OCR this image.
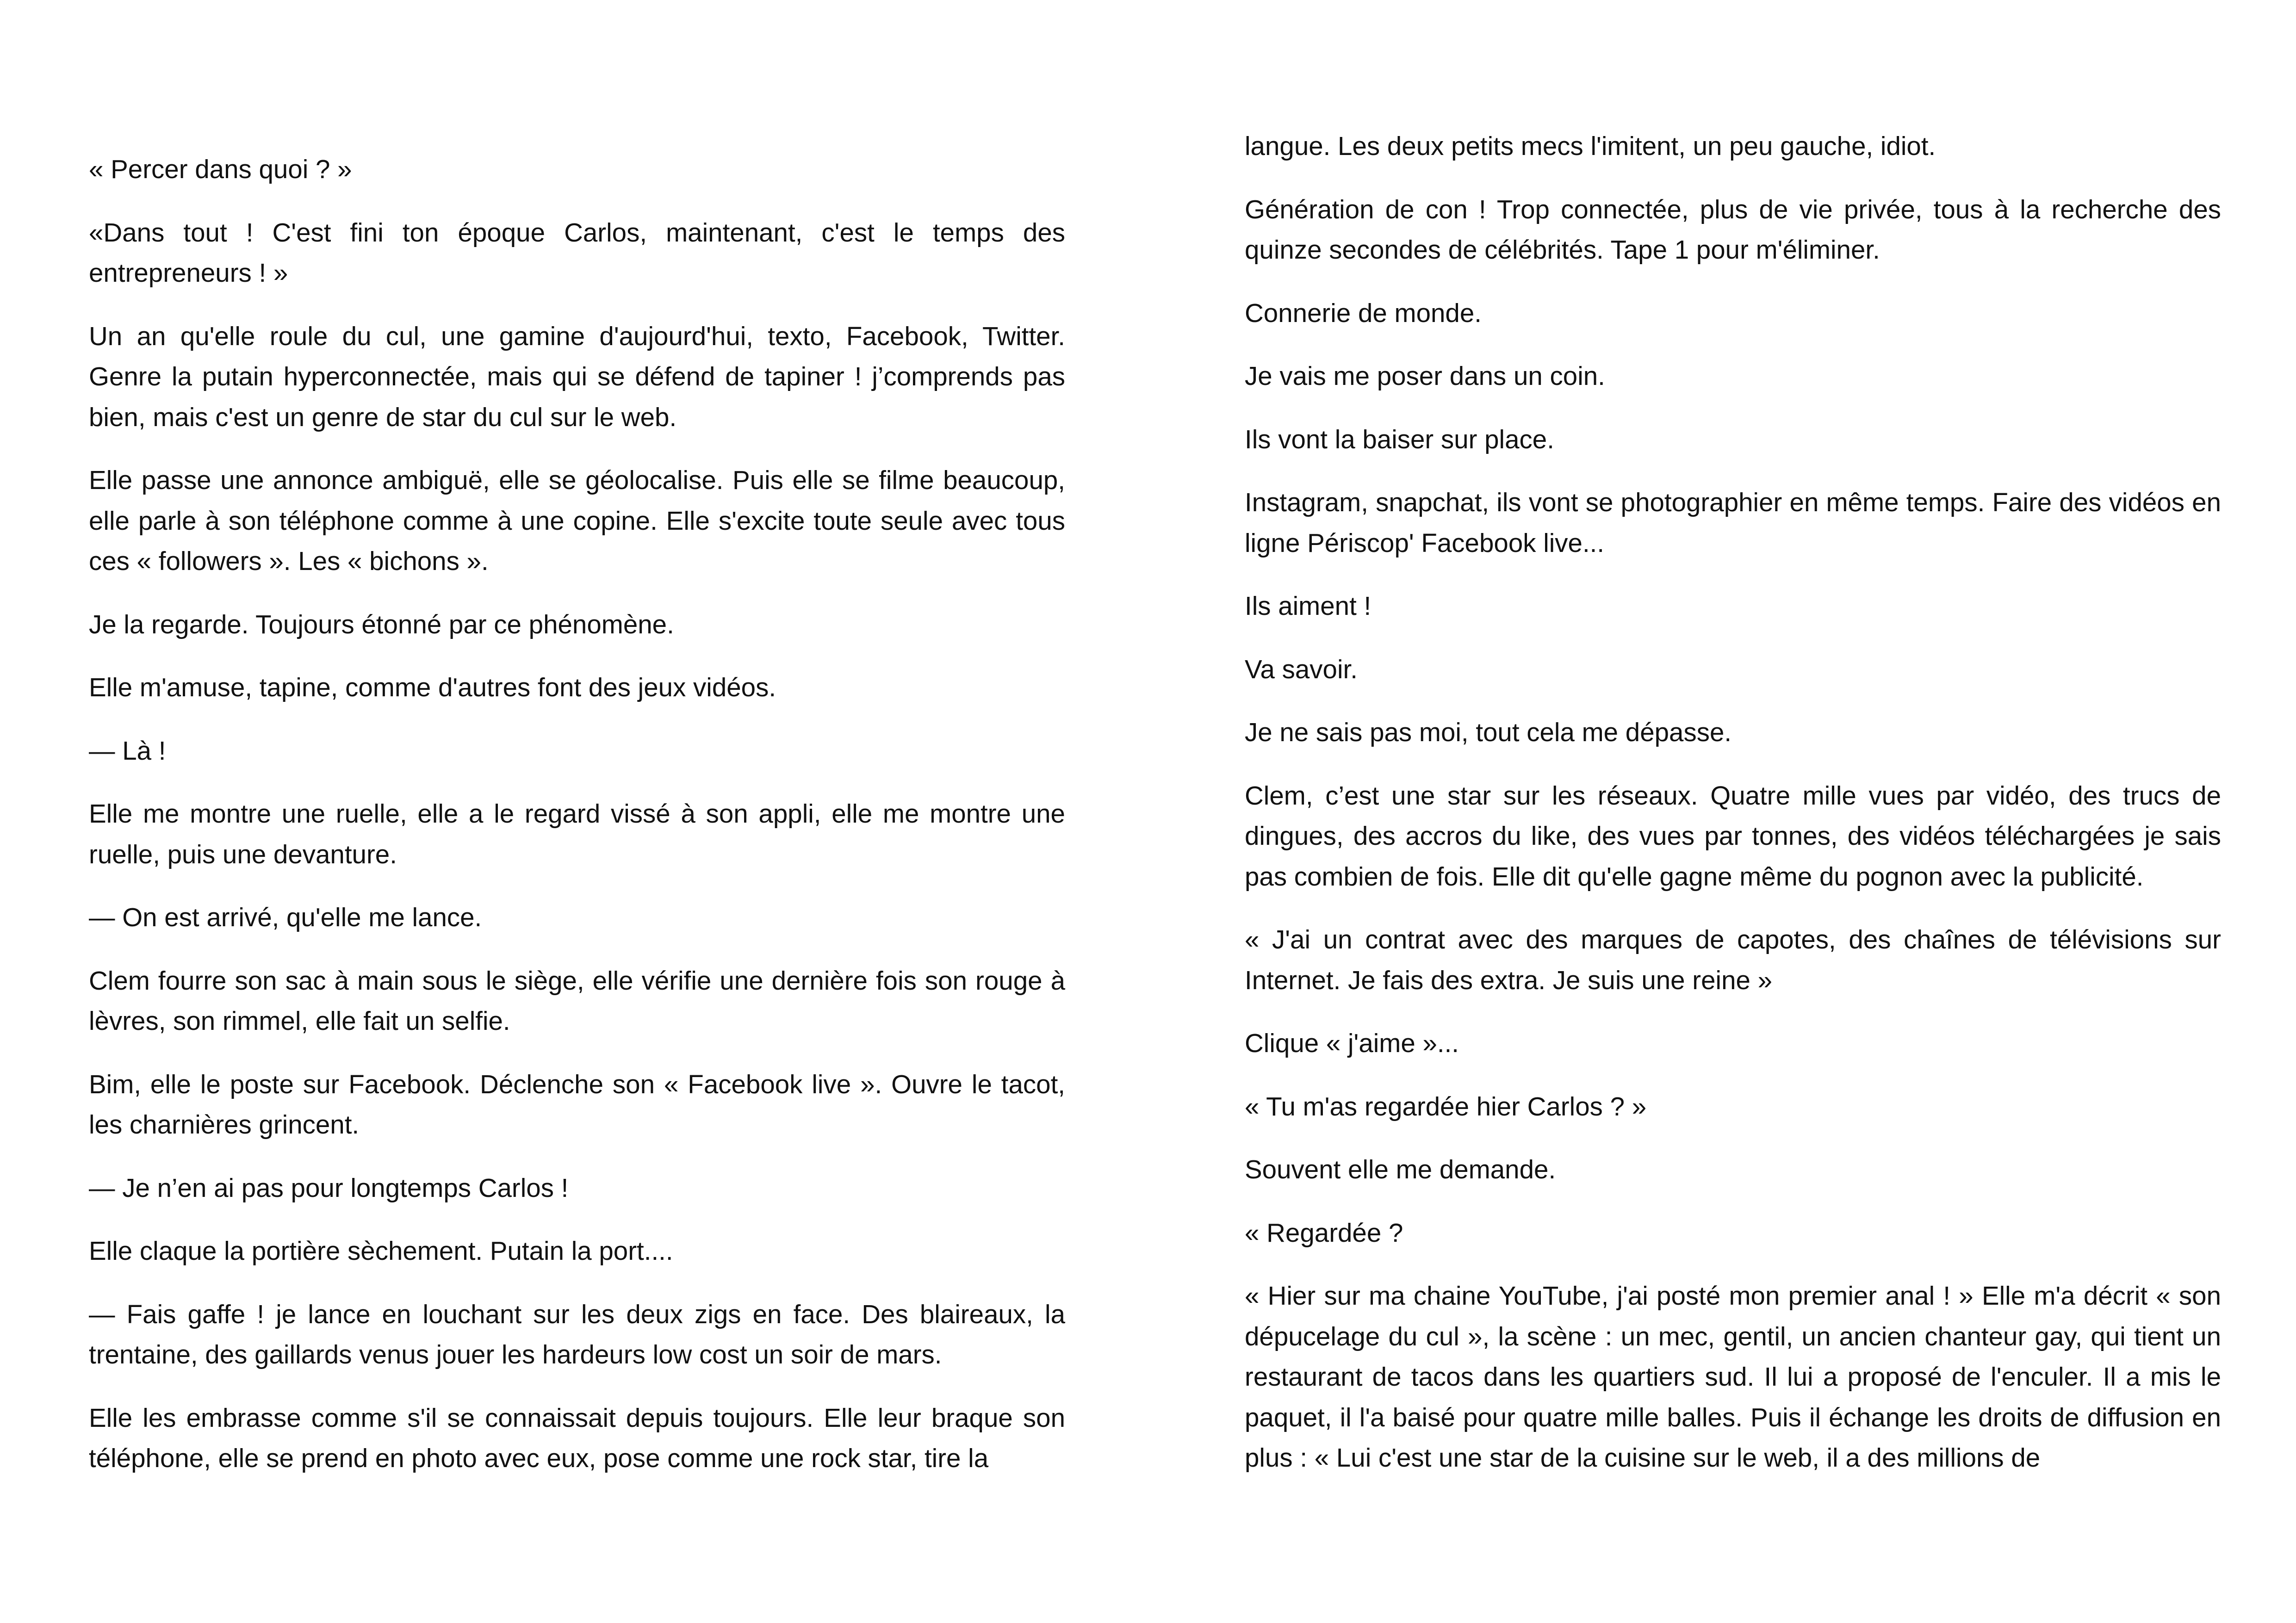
« Percer dans quoi ? »

«Dans tout ! C'est fini ton époque Carlos, maintenant, c'est le temps des entrepreneurs ! »

Un an qu'elle roule du cul, une gamine d'aujourd'hui, texto, Facebook, Twitter. Genre la putain hyperconnectée, mais qui se défend de tapiner ! j’comprends pas bien, mais c'est un genre de star du cul sur le web.

Elle passe une annonce ambiguë, elle se géolocalise. Puis elle se filme beaucoup, elle parle à son téléphone comme à une copine. Elle s'excite toute seule avec tous ces « followers ». Les « bichons ».

Je la regarde. Toujours étonné par ce phénomène.

Elle m'amuse, tapine, comme d'autres font des jeux vidéos.

— Là !

Elle me montre une ruelle, elle a le regard vissé à son appli, elle me montre une ruelle, puis une devanture.

— On est arrivé, qu'elle me lance.

Clem fourre son sac à main sous le siège, elle vérifie une dernière fois son rouge à lèvres, son rimmel, elle fait un selfie.

Bim, elle le poste sur Facebook. Déclenche son « Facebook live ». Ouvre le tacot, les charnières grincent.

— Je n’en ai pas pour longtemps Carlos !

Elle claque la portière sèchement. Putain la port....

— Fais gaffe ! je lance en louchant sur les deux zigs en face. Des blaireaux, la trentaine, des gaillards venus jouer les hardeurs low cost un soir de mars.

Elle les embrasse comme s'il se connaissait depuis toujours. Elle leur braque son téléphone, elle se prend en photo avec eux, pose comme une rock star, tire la

langue. Les deux petits mecs l'imitent, un peu gauche, idiot.

Génération de con ! Trop connectée, plus de vie privée, tous à la recherche des quinze secondes de célébrités. Tape 1 pour m'éliminer.

Connerie de monde.

Je vais me poser dans un coin.

Ils vont la baiser sur place.

Instagram, snapchat, ils vont se photographier en même temps. Faire des vidéos en ligne Périscop' Facebook live...

Ils aiment !

Va savoir.

Je ne sais pas moi, tout cela me dépasse.

Clem, c’est une star sur les réseaux. Quatre mille vues par vidéo, des trucs de dingues, des accros du like, des vues par tonnes, des vidéos téléchargées je sais pas combien de fois. Elle dit qu'elle gagne même du pognon avec la publicité.

« J'ai un contrat avec des marques de capotes, des chaînes de télévisions sur Internet. Je fais des extra. Je suis une reine »

Clique « j'aime »...

« Tu m'as regardée hier Carlos ? »

Souvent elle me demande.

« Regardée ?

« Hier sur ma chaine YouTube, j'ai posté mon premier anal ! » Elle m'a décrit « son dépucelage du cul », la scène : un mec, gentil, un ancien chanteur gay, qui tient un restaurant de tacos dans les quartiers sud. Il lui a proposé de l'enculer. Il a mis le paquet, il l'a baisé pour quatre mille balles. Puis il échange les droits de diffusion en plus : « Lui c'est une star de la cuisine sur le web, il a des millions de
